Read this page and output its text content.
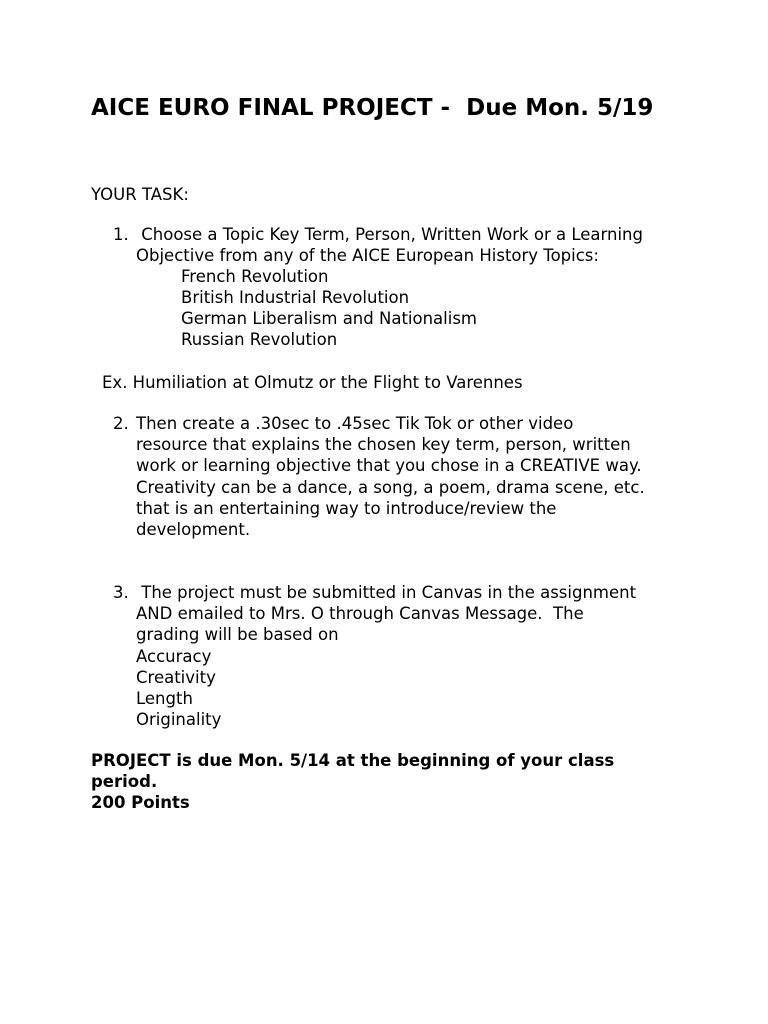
AICE EURO FINAL PROJECT -  Due Mon. 5/19

YOUR TASK:

1. Choose a Topic Key Term, Person, Written Work or a Learning

Objective from any of the AICE European History Topics:

French Revolution

British Industrial Revolution

German Liberalism and Nationalism

Russian Revolution

Ex. Humiliation at Olmutz or the Flight to Varennes

2. Then create a .30sec to .45sec Tik Tok or other video

resource that explains the chosen key term, person, written

work or learning objective that you chose in a CREATIVE way.

Creativity can be a dance, a song, a poem, drama scene, etc.

that is an entertaining way to introduce/review the

development.

3. The project must be submitted in Canvas in the assignment

AND emailed to Mrs. O through Canvas Message.  The

grading will be based on

Accuracy

Creativity

Length

Originality

PROJECT is due Mon. 5/14 at the beginning of your class

period.

200 Points
